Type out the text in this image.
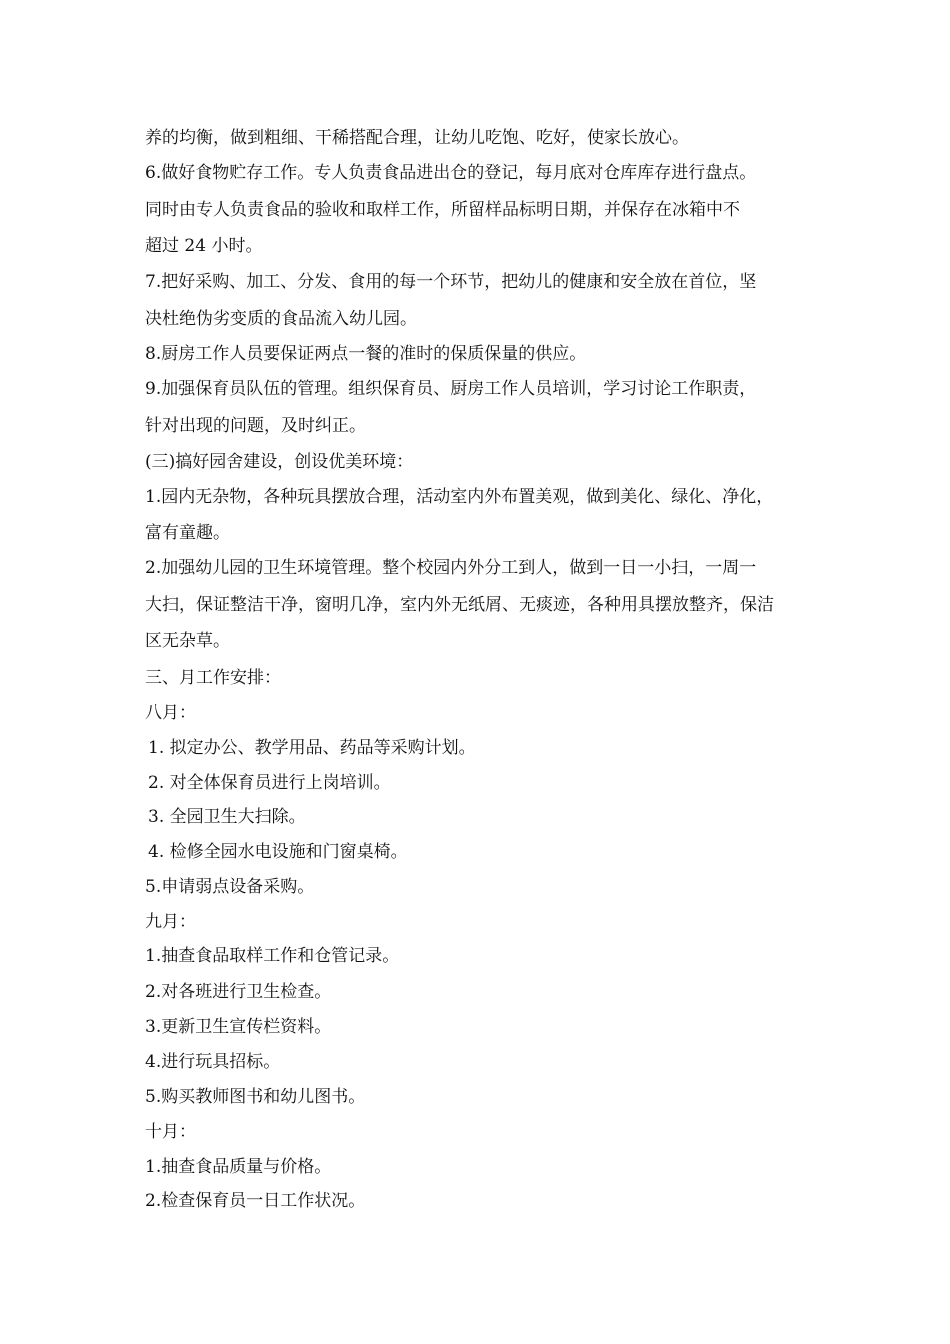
养的均衡，做到粗细、干稀搭配合理，让幼儿吃饱、吃好，使家长放心。
6.做好食物贮存工作。专人负责食品进出仓的登记，每月底对仓库库存进行盘点。
同时由专人负责食品的验收和取样工作，所留样品标明日期，并保存在冰箱中不
超过 24 小时。
7.把好采购、加工、分发、食用的每一个环节，把幼儿的健康和安全放在首位，坚
决杜绝伪劣变质的食品流入幼儿园。
8.厨房工作人员要保证两点一餐的准时的保质保量的供应。
9.加强保育员队伍的管理。组织保育员、厨房工作人员培训，学习讨论工作职责，
针对出现的问题，及时纠正。
(三)搞好园舍建设，创设优美环境：
1.园内无杂物，各种玩具摆放合理，活动室内外布置美观，做到美化、绿化、净化，
富有童趣。
2.加强幼儿园的卫生环境管理。整个校园内外分工到人，做到一日一小扫，一周一
大扫，保证整洁干净，窗明几净，室内外无纸屑、无痰迹，各种用具摆放整齐，保洁
区无杂草。
三、月工作安排：
八月：
1. 拟定办公、教学用品、药品等采购计划。
2. 对全体保育员进行上岗培训。
3. 全园卫生大扫除。
4. 检修全园水电设施和门窗桌椅。
5.申请弱点设备采购。
九月：
1.抽查食品取样工作和仓管记录。
2.对各班进行卫生检查。
3.更新卫生宣传栏资料。
4.进行玩具招标。
5.购买教师图书和幼儿图书。
十月：
1.抽查食品质量与价格。
2.检查保育员一日工作状况。
